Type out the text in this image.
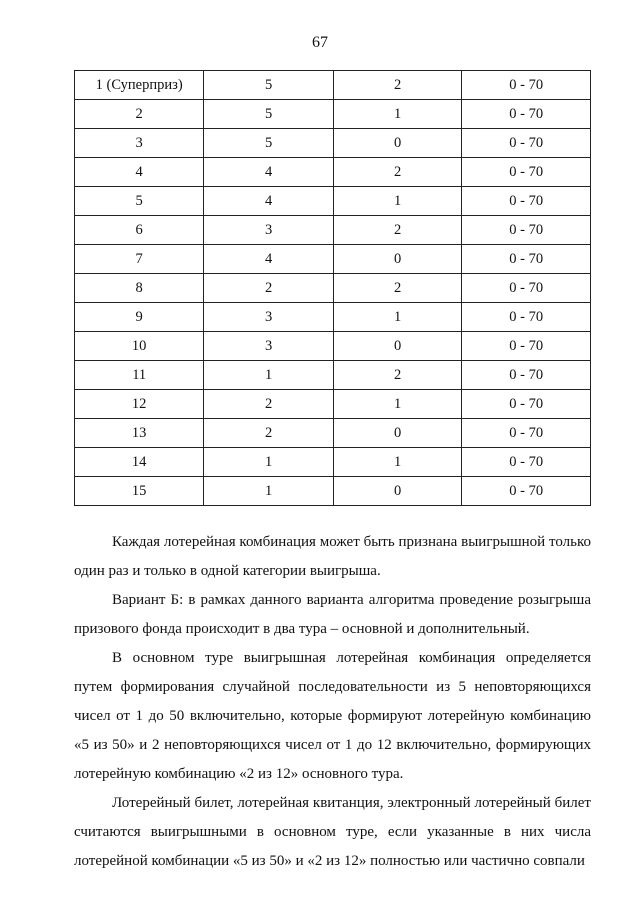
67
1 (Суперприз)	5	2	0 - 70
2	5	1	0 - 70
3	5	0	0 - 70
4	4	2	0 - 70
5	4	1	0 - 70
6	3	2	0 - 70
7	4	0	0 - 70
8	2	2	0 - 70
9	3	1	0 - 70
10	3	0	0 - 70
11	1	2	0 - 70
12	2	1	0 - 70
13	2	0	0 - 70
14	1	1	0 - 70
15	1	0	0 - 70

Каждая лотерейная комбинация может быть признана выигрышной только один раз и только в одной категории выигрыша.

Вариант Б: в рамках данного варианта алгоритма проведение розыгрыша призового фонда происходит в два тура – основной и дополнительный.

В основном туре выигрышная лотерейная комбинация определяется путем формирования случайной последовательности из 5 неповторяющихся чисел от 1 до 50 включительно, которые формируют лотерейную комбинацию «5 из 50» и 2 неповторяющихся чисел от 1 до 12 включительно, формирующих лотерейную комбинацию «2 из 12» основного тура.

Лотерейный билет, лотерейная квитанция, электронный лотерейный билет считаются выигрышными в основном туре, если указанные в них числа лотерейной комбинации «5 из 50» и «2 из 12» полностью или частично совпали
